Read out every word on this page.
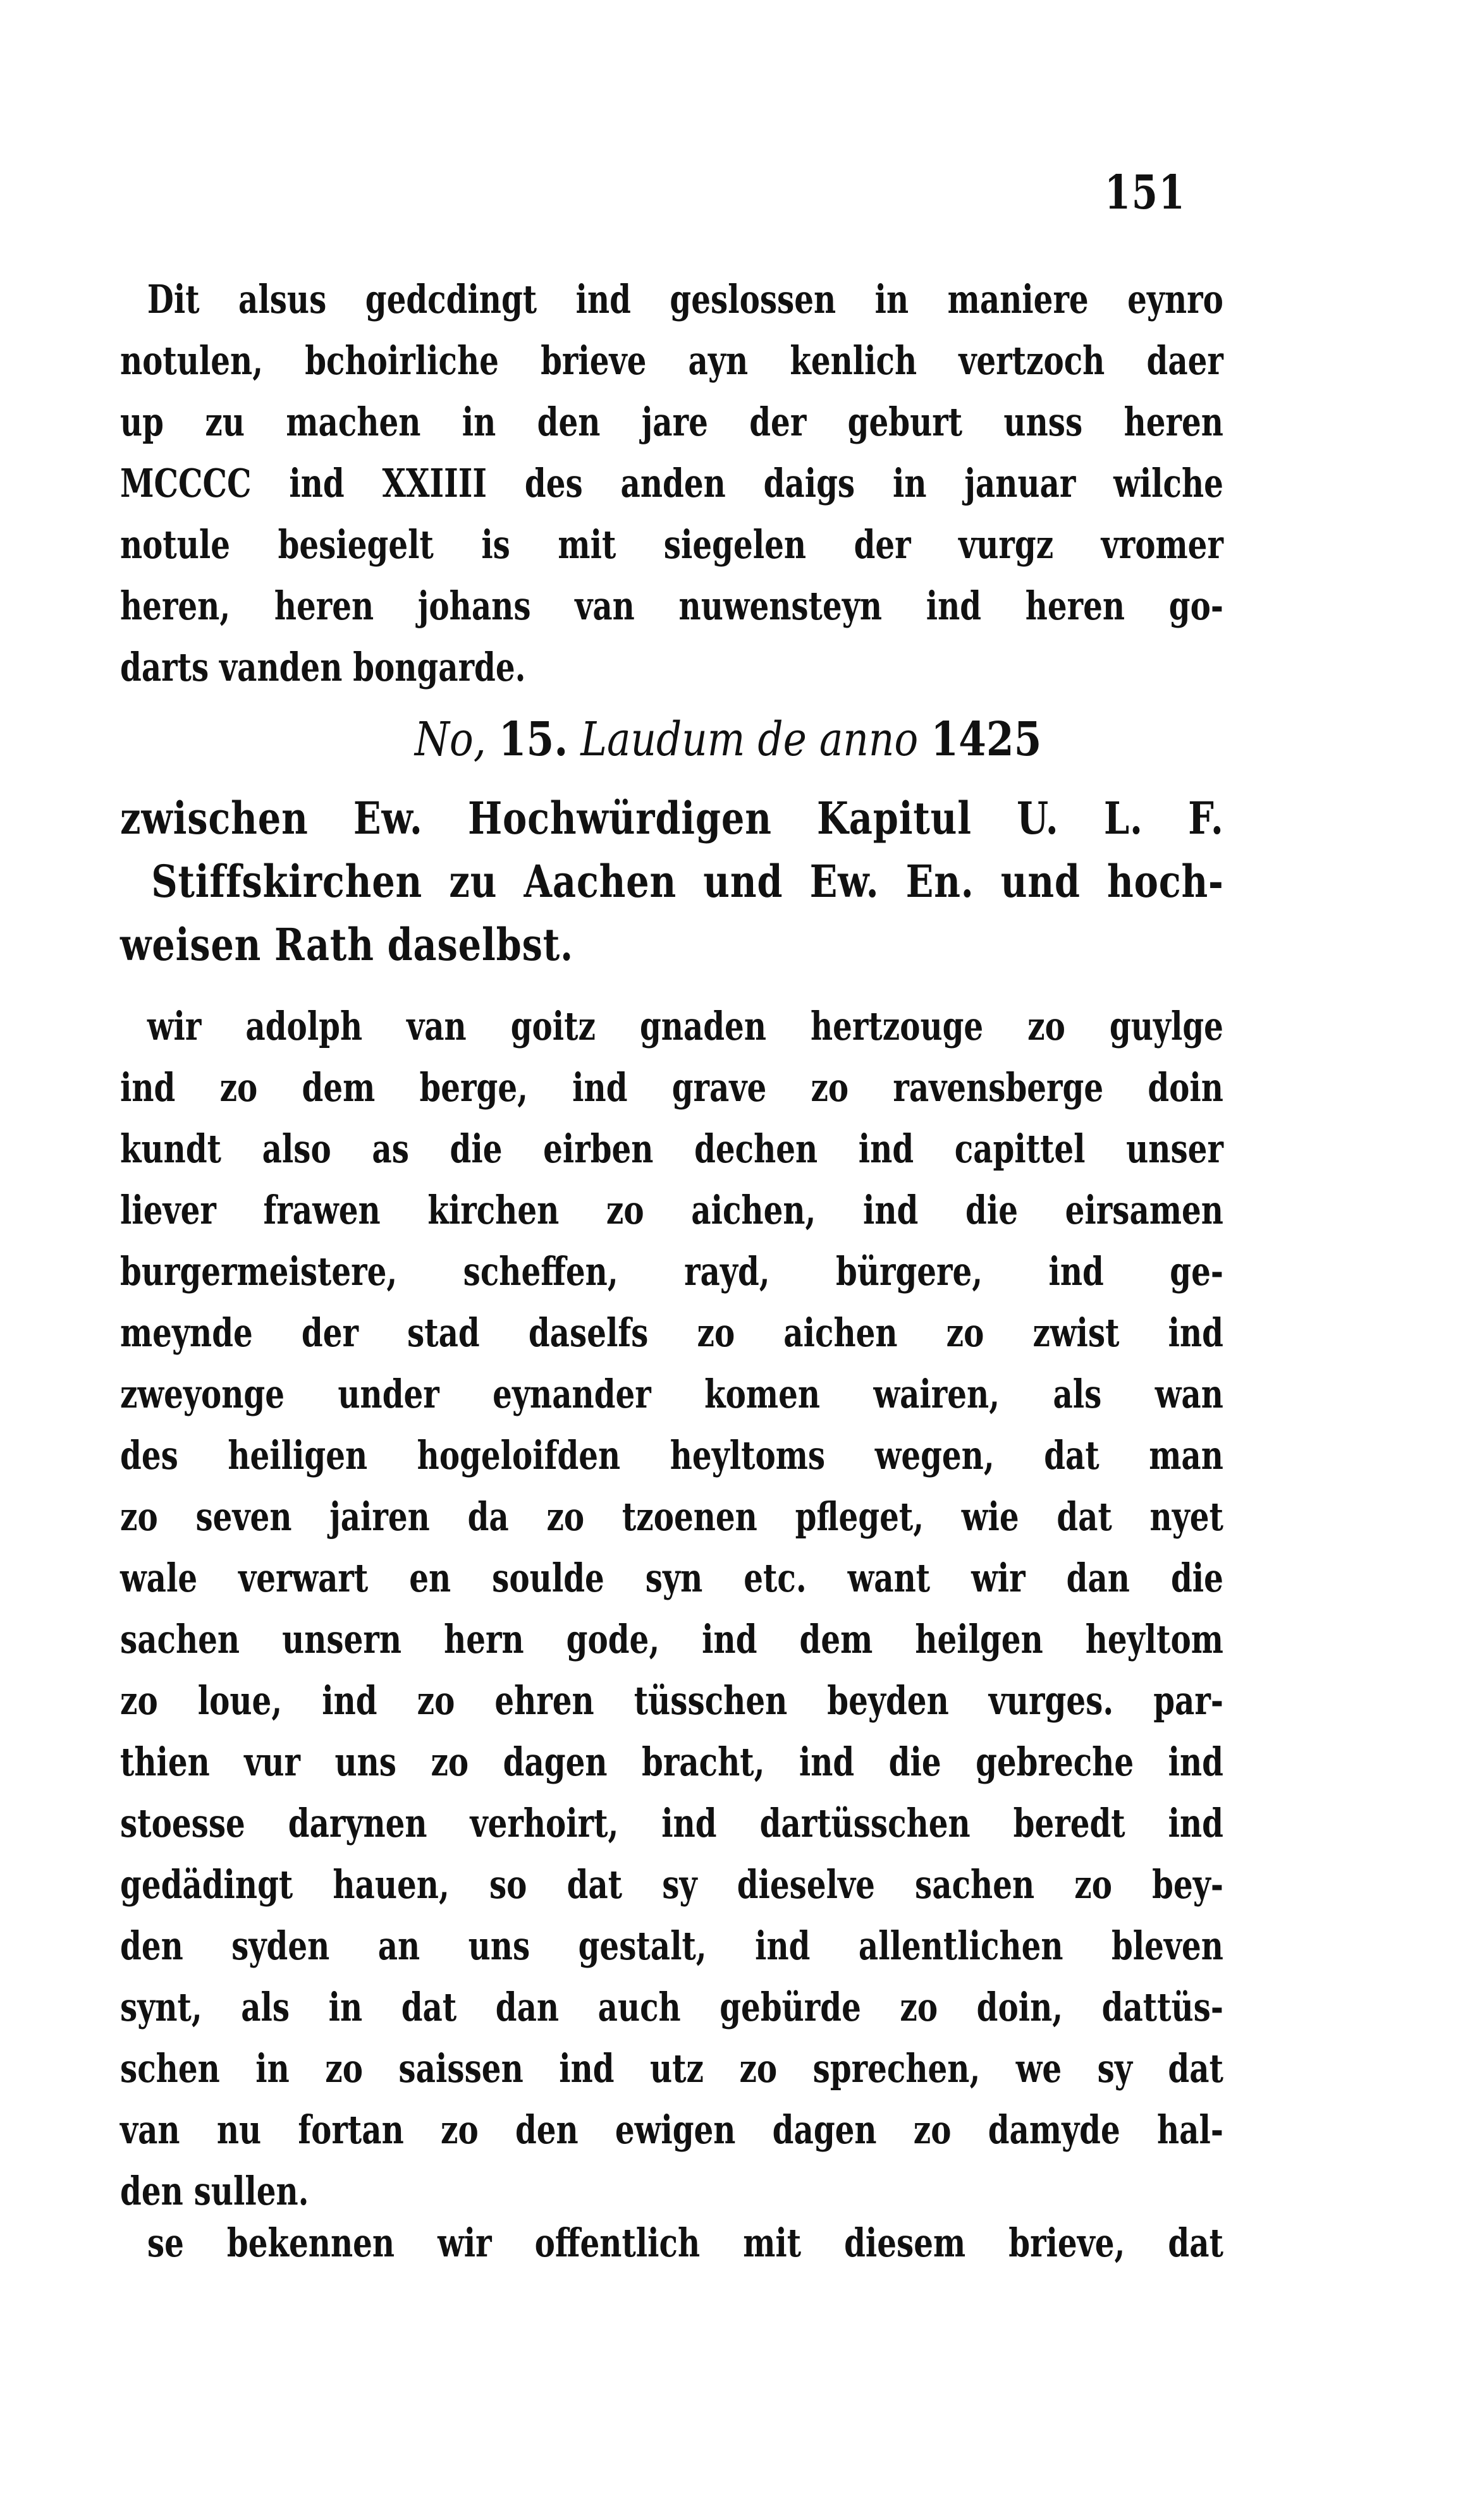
151
Dit alsus gedcdingt ind geslossen in maniere eynro
notulen, bchoirliche brieve ayn kenlich vertzoch daer
up zu machen in den jare der geburt unss heren
MCCCC ind XXIIII des anden daigs in januar wilche
notule besiegelt is mit siegelen der vurgz vromer
heren, heren johans van nuwensteyn ind heren go-
darts vanden bongarde.
No, 15. Laudum de anno 1425
zwischen Ew. Hochwürdigen Kapitul U. L. F.
Stiffskirchen zu Aachen und Ew. En. und hoch-
weisen Rath daselbst.
wir adolph van goitz gnaden hertzouge zo guylge
ind zo dem berge, ind grave zo ravensberge doin
kundt also as die eirben dechen ind capittel unser
liever frawen kirchen zo aichen, ind die eirsamen
burgermeistere, scheffen, rayd, bürgere, ind ge-
meynde der stad daselfs zo aichen zo zwist ind
zweyonge under eynander komen wairen, als wan
des heiligen hogeloifden heyltoms wegen, dat man
zo seven jairen da zo tzoenen pfleget, wie dat nyet
wale verwart en soulde syn etc. want wir dan die
sachen unsern hern gode, ind dem heilgen heyltom
zo loue, ind zo ehren tüsschen beyden vurges. par-
thien vur uns zo dagen bracht, ind die gebreche ind
stoesse darynen verhoirt, ind dartüsschen beredt ind
gedädingt hauen, so dat sy dieselve sachen zo bey-
den syden an uns gestalt, ind allentlichen bleven
synt, als in dat dan auch gebürde zo doin, dattüs-
schen in zo saissen ind utz zo sprechen, we sy dat
van nu fortan zo den ewigen dagen zo damyde hal-
den sullen.
se bekennen wir offentlich mit diesem brieve, dat
